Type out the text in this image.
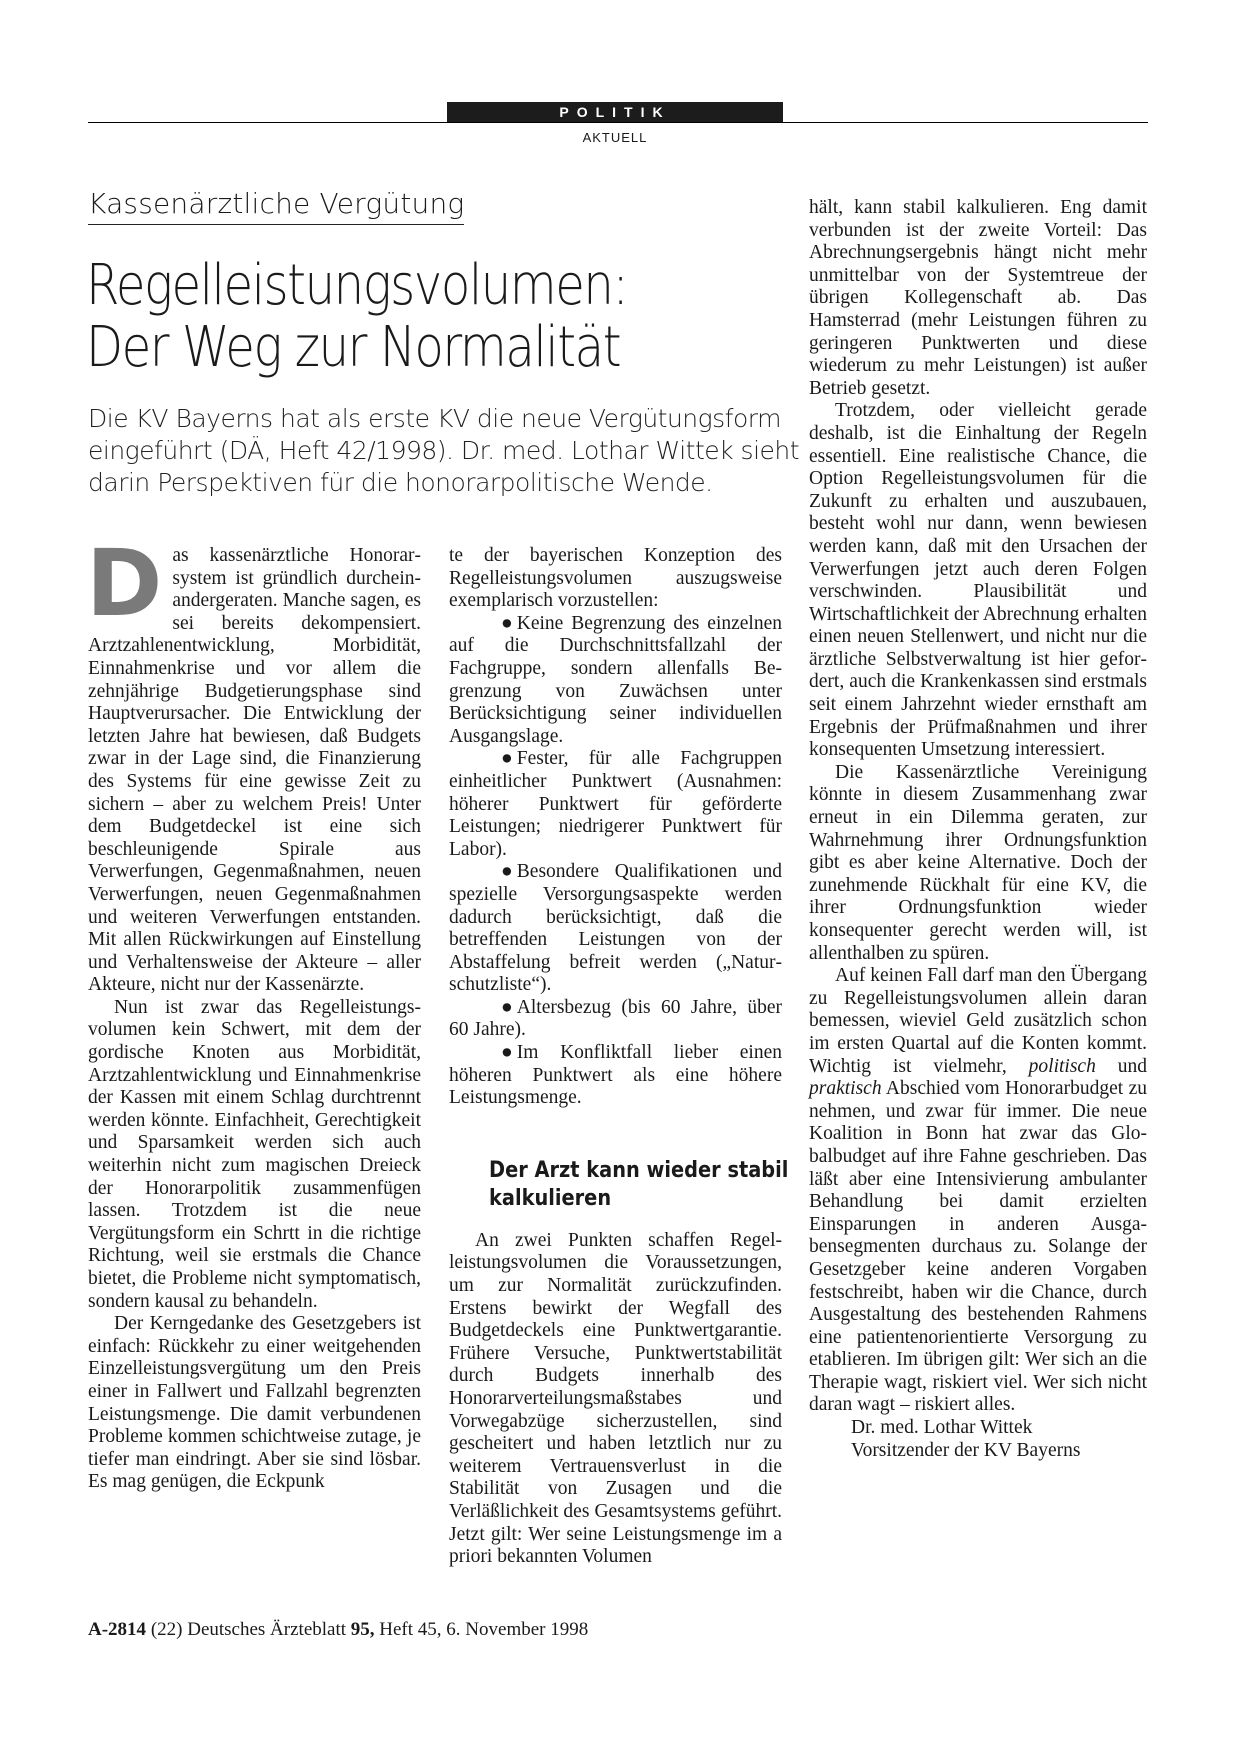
POLITIK
AKTUELL
Kassenärztliche Vergütung
Regelleistungsvolumen:
Der Weg zur Normalität
Die KV Bayerns hat als erste KV die neue Vergütungsform eingeführt (DÄ, Heft 42/1998). Dr. med. Lothar Wittek sieht darin Perspektiven für die honorarpolitische Wende.

Das kassenärztliche Honorarsystem ist gründlich durcheinandergeraten. Manche sagen, es sei bereits dekompensiert. Arztzahlenentwicklung, Morbidität, Einnahmenkrise und vor allem die zehnjährige Budgetierungsphase sind Hauptverursacher. Die Entwicklung der letzten Jahre hat bewiesen, daß Budgets zwar in der Lage sind, die Finanzierung des Systems für eine gewisse Zeit zu sichern – aber zu welchem Preis! Unter dem Budgetdeckel ist eine sich beschleunigende Spirale aus Verwerfungen, Gegenmaßnahmen, neuen Verwerfungen, neuen Gegenmaßnahmen und weiteren Verwerfungen entstanden. Mit allen Rückwirkungen auf Einstellung und Verhaltensweise der Akteure – aller Akteure, nicht nur der Kassenärzte.

Nun ist zwar das Regelleistungsvolumen kein Schwert, mit dem der gordische Knoten aus Morbidität, Arztzahlentwicklung und Einnahmenkrise der Kassen mit einem Schlag durchtrennt werden könnte. Einfachheit, Gerechtigkeit und Sparsamkeit werden sich auch weiterhin nicht zum magischen Dreieck der Honorarpolitik zusammenfügen lassen. Trotzdem ist die neue Vergütungsform ein Schrtt in die richtige Richtung, weil sie erstmals die Chance bietet, die Probleme nicht symptomatisch, sondern kausal zu behandeln.

Der Kerngedanke des Gesetzgebers ist einfach: Rückkehr zu einer weitgehenden Einzelleistungsvergütung um den Preis einer in Fallwert und Fallzahl begrenzten Leistungsmenge. Die damit verbundenen Probleme kommen schichtweise zutage, je tiefer man eindringt. Aber sie sind lösbar. Es mag genügen, die Eckpunk

te der bayerischen Konzeption des Regelleistungsvolumen auszugsweise exemplarisch vorzustellen:

● Keine Begrenzung des einzelnen auf die Durchschnittsfallzahl der Fachgruppe, sondern allenfalls Begrenzung von Zuwächsen unter Berücksichtigung seiner individuellen Ausgangslage.

● Fester, für alle Fachgruppen einheitlicher Punktwert (Ausnahmen: höherer Punktwert für geförderte Leistungen; niedrigerer Punktwert für Labor).

● Besondere Qualifikationen und spezielle Versorgungsaspekte werden dadurch berücksichtigt, daß die betreffenden Leistungen von der Abstaffelung befreit werden („Naturschutzliste“).

● Altersbezug (bis 60 Jahre, über 60 Jahre).

● Im Konfliktfall lieber einen höheren Punktwert als eine höhere Leistungsmenge.

Der Arzt kann wieder stabil kalkulieren

An zwei Punkten schaffen Regelleistungsvolumen die Voraussetzungen, um zur Normalität zurückzufinden. Erstens bewirkt der Wegfall des Budgetdeckels eine Punktwertgarantie. Frühere Versuche, Punktwertstabilität durch Budgets innerhalb des Honorarverteilungsmaßstabes und Vorwegabzüge sicherzustellen, sind gescheitert und haben letztlich nur zu weiterem Vertrauensverlust in die Stabilität von Zusagen und die Verläßlichkeit des Gesamtsystems geführt. Jetzt gilt: Wer seine Leistungsmenge im a priori bekannten Volumen

hält, kann stabil kalkulieren. Eng damit verbunden ist der zweite Vorteil: Das Abrechnungsergebnis hängt nicht mehr unmittelbar von der Systemtreue der übrigen Kollegenschaft ab. Das Hamsterrad (mehr Leistungen führen zu geringeren Punktwerten und diese wiederum zu mehr Leistungen) ist außer Betrieb gesetzt.

Trotzdem, oder vielleicht gerade deshalb, ist die Einhaltung der Regeln essentiell. Eine realistische Chance, die Option Regelleistungsvolumen für die Zukunft zu erhalten und auszubauen, besteht wohl nur dann, wenn bewiesen werden kann, daß mit den Ursachen der Verwerfungen jetzt auch deren Folgen verschwinden. Plausibilität und Wirtschaftlichkeit der Abrechnung erhalten einen neuen Stellenwert, und nicht nur die ärztliche Selbstverwaltung ist hier gefordert, auch die Krankenkassen sind erstmals seit einem Jahrzehnt wieder ernsthaft am Ergebnis der Prüfmaßnahmen und ihrer konsequenten Umsetzung interessiert.

Die Kassenärztliche Vereinigung könnte in diesem Zusammenhang zwar erneut in ein Dilemma geraten, zur Wahrnehmung ihrer Ordnungsfunktion gibt es aber keine Alternative. Doch der zunehmende Rückhalt für eine KV, die ihrer Ordnungsfunktion wieder konsequenter gerecht werden will, ist allenthalben zu spüren.

Auf keinen Fall darf man den Übergang zu Regelleistungsvolumen allein daran bemessen, wieviel Geld zusätzlich schon im ersten Quartal auf die Konten kommt. Wichtig ist vielmehr, politisch und praktisch Abschied vom Honorarbudget zu nehmen, und zwar für immer. Die neue Koalition in Bonn hat zwar das Globalbudget auf ihre Fahne geschrieben. Das läßt aber eine Intensivierung ambulanter Behandlung bei damit erzielten Einsparungen in anderen Ausgabensegmenten durchaus zu. Solange der Gesetzgeber keine anderen Vorgaben festschreibt, haben wir die Chance, durch Ausgestaltung des bestehenden Rahmens eine patientenorientierte Versorgung zu etablieren. Im übrigen gilt: Wer sich an die Therapie wagt, riskiert viel. Wer sich nicht daran wagt – riskiert alles.

Dr. med. Lothar Wittek

Vorsitzender der KV Bayerns

A-2814 (22) Deutsches Ärzteblatt 95, Heft 45, 6. November 1998
